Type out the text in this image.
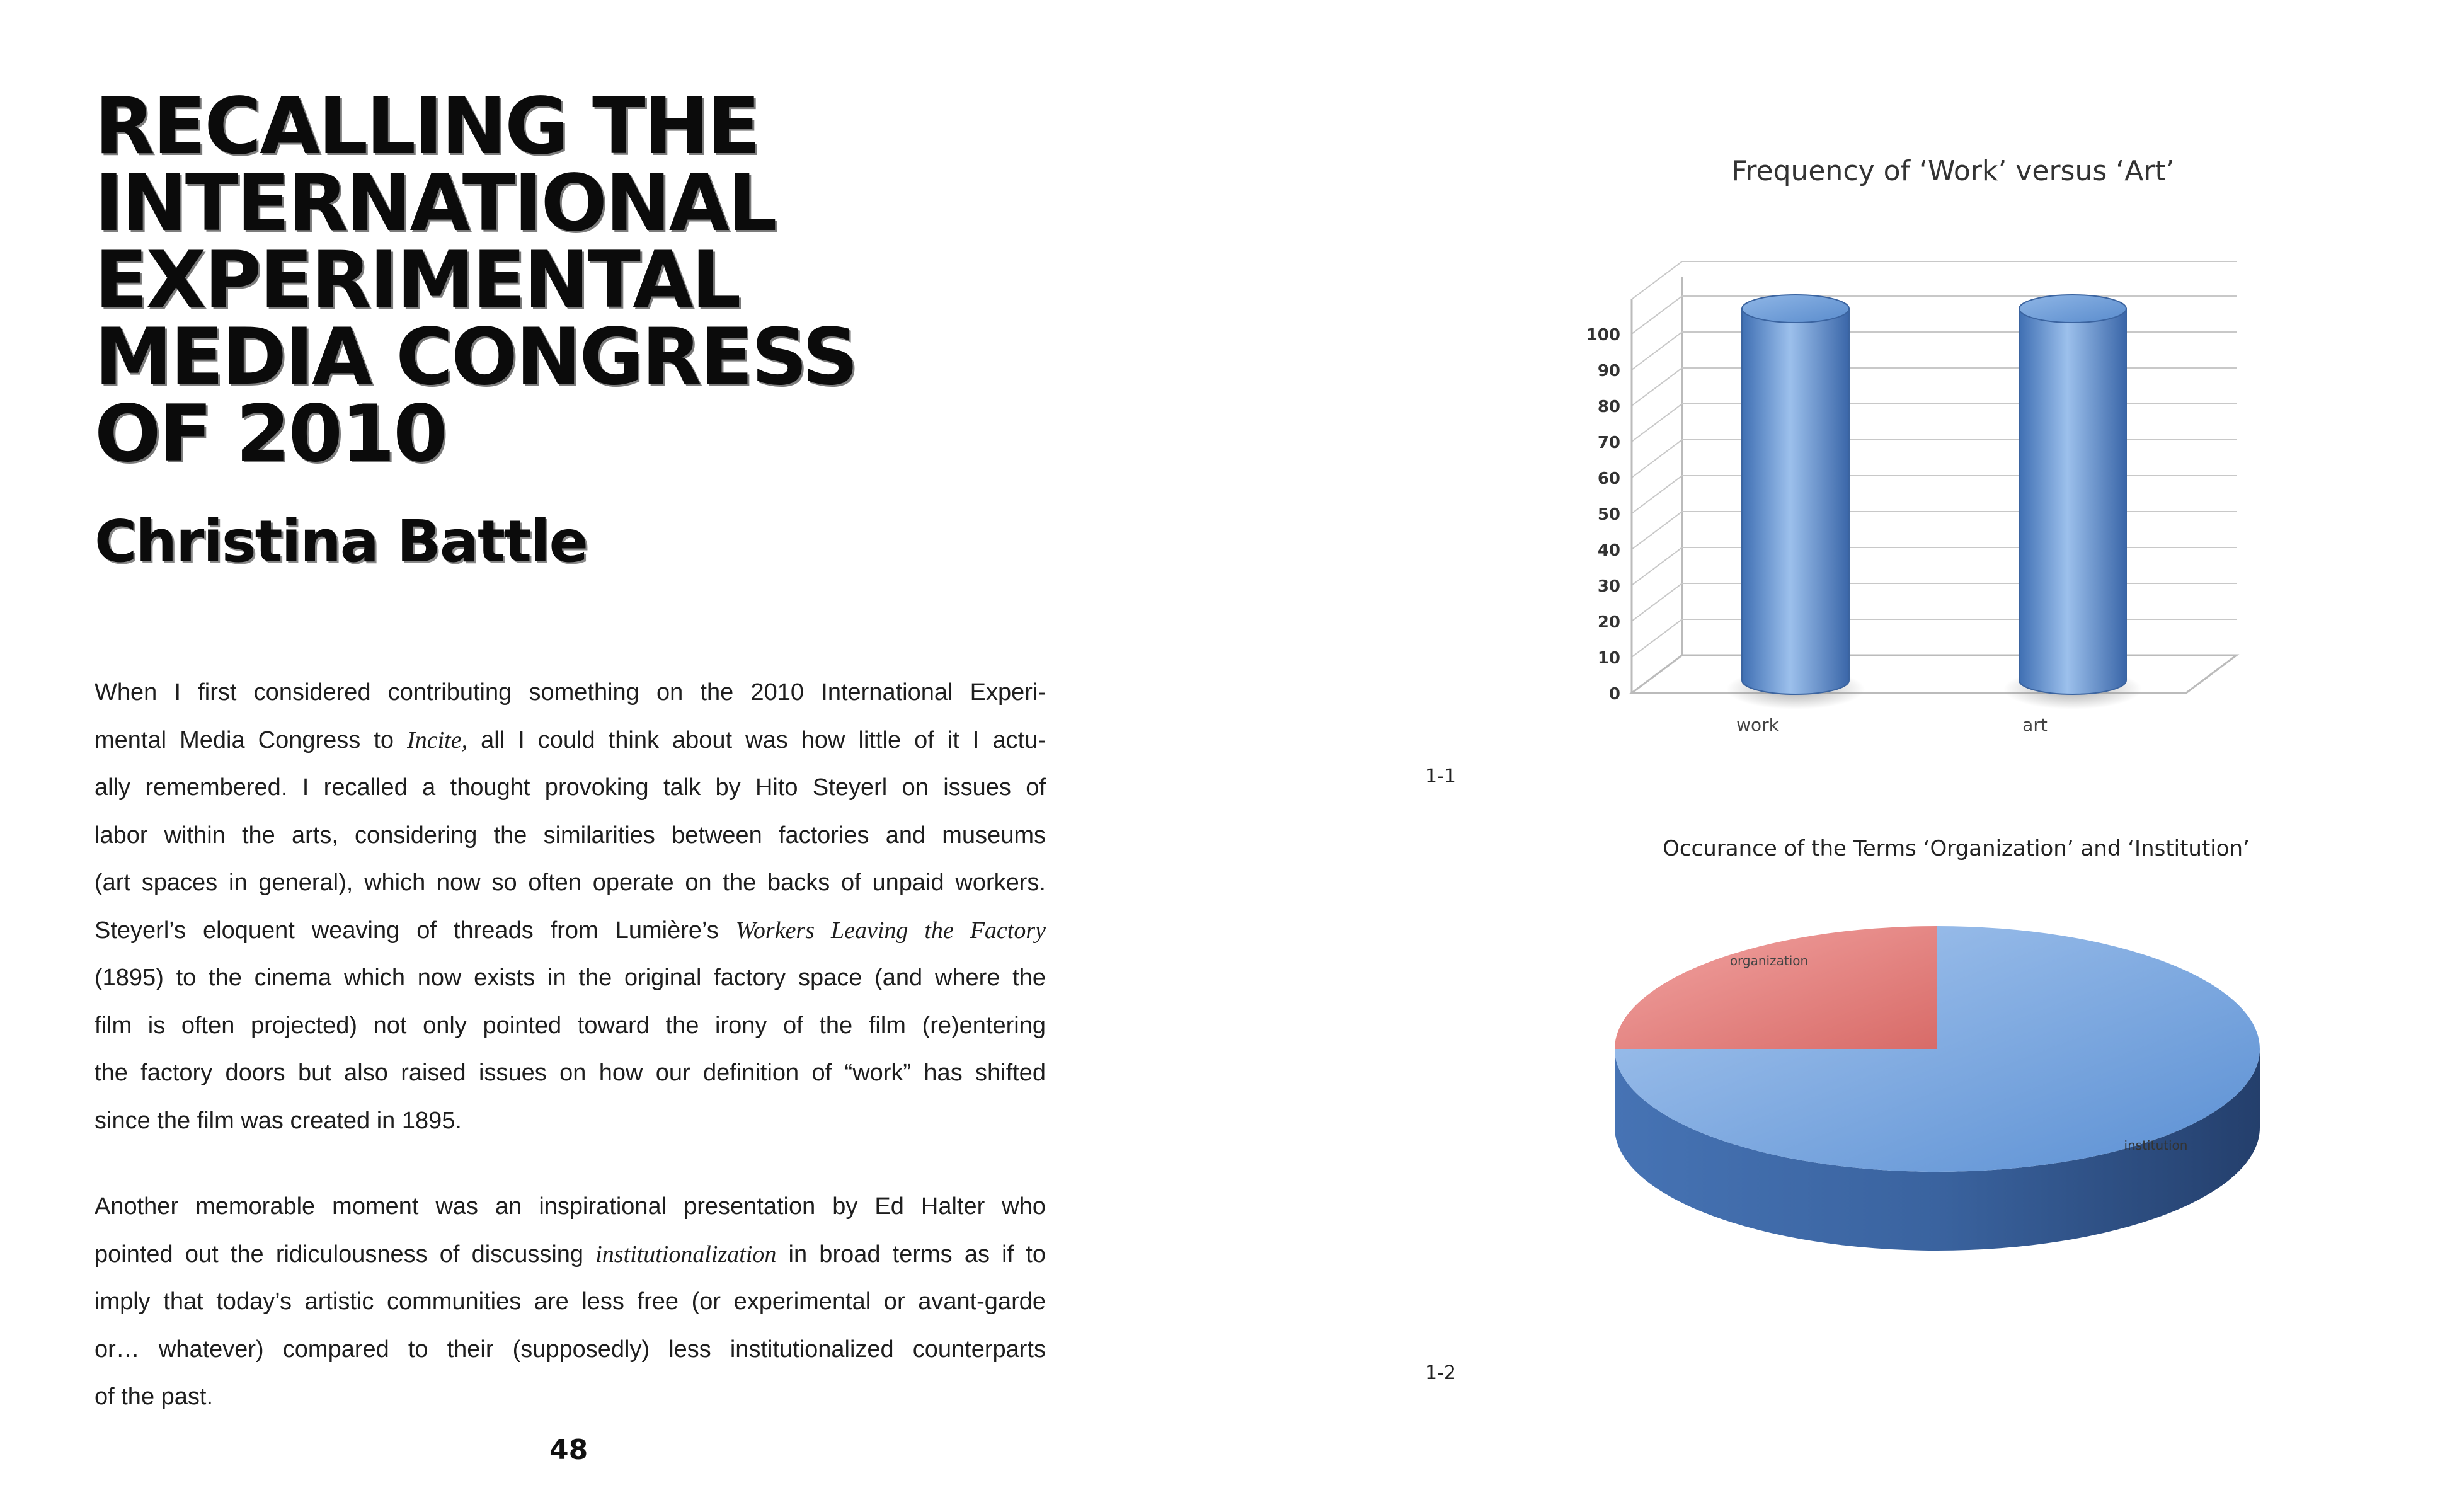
RECALLING THE
INTERNATIONAL
EXPERIMENTAL
MEDIA CONGRESS
OF 2010
Christina Battle
When I first considered contributing something on the 2010 International Experi-
mental Media Congress to Incite, all I could think about was how little of it I actu-
ally remembered. I recalled a thought provoking talk by Hito Steyerl on issues of
labor within the arts, considering the similarities between factories and museums
(art spaces in general), which now so often operate on the backs of unpaid workers.
Steyerl’s eloquent weaving of threads from Lumière’s Workers Leaving the Factory
(1895) to the cinema which now exists in the original factory space (and where the
film is often projected) not only pointed toward the irony of the film (re)entering
the factory doors but also raised issues on how our definition of “work” has shifted
since the film was created in 1895.
Another memorable moment was an inspirational presentation by Ed Halter who
pointed out the ridiculousness of discussing institutionalization in broad terms as if to
imply that today’s artistic communities are less free (or experimental or avant-garde
or… whatever) compared to their (supposedly) less institutionalized counterparts
of the past.
48
1-1
1-2
Frequency of ‘Work’ versus ‘Art’
0
10
20
30
40
50
60
70
80
90
100
work	art
Occurance of the Terms ‘Organization’ and ‘Institution’
organization
institution
